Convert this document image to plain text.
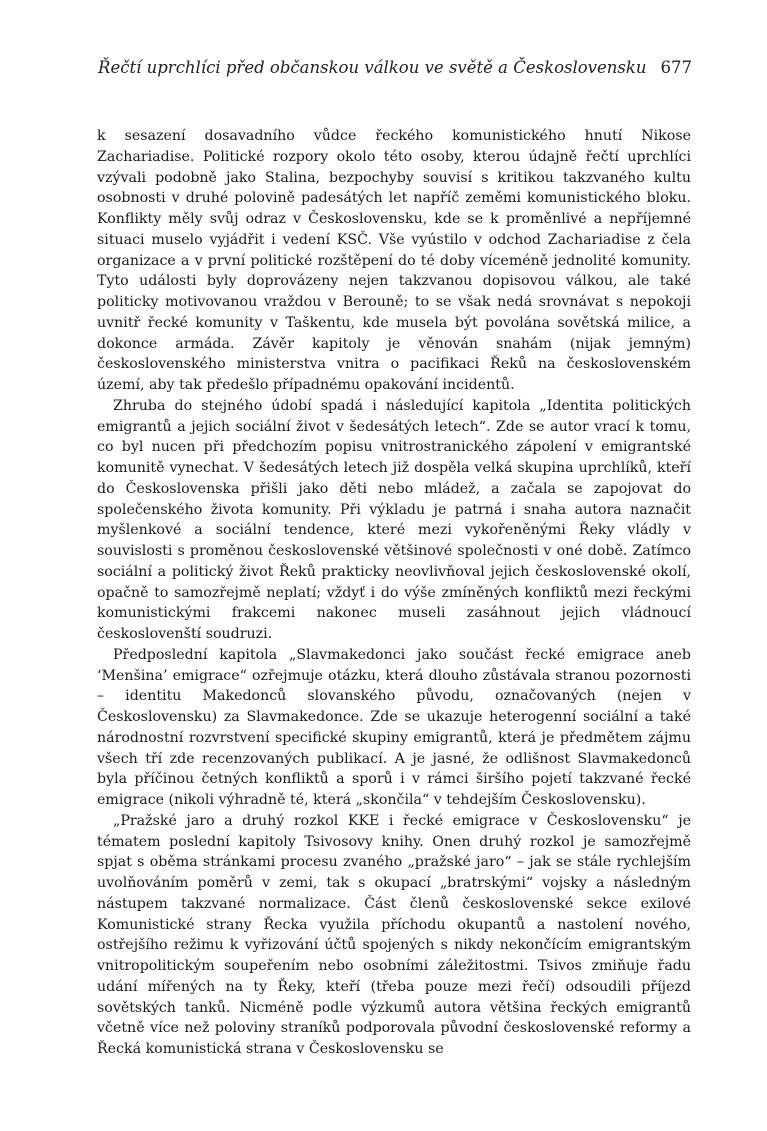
Řečtí uprchlíci před občanskou válkou ve světě a Československu 677

k sesazení dosavadního vůdce řeckého komunistického hnutí Nikose Zachariadise. Politické rozpory okolo této osoby, kterou údajně řečtí uprchlíci vzývali podobně jako Stalina, bezpochyby souvisí s kritikou takzvaného kultu osobnosti v druhé polovině padesátých let napříč zeměmi komunistického bloku. Konflikty měly svůj odraz v Československu, kde se k proměnlivé a nepříjemné situaci muselo vyjádřit i vedení KSČ. Vše vyústilo v odchod Zachariadise z čela organizace a v první politické rozštěpení do té doby víceméně jednolité komunity. Tyto události byly doprovázeny nejen takzvanou dopisovou válkou, ale také politicky motivovanou vraždou v Berouně; to se však nedá srovnávat s nepokoji uvnitř řecké komunity v Taškentu, kde musela být povolána sovětská milice, a dokonce armáda. Závěr kapitoly je věnován snahám (nijak jemným) československého ministerstva vnitra o pacifikaci Řeků na československém území, aby tak předešlo případnému opakování incidentů.

Zhruba do stejného údobí spadá i následující kapitola „Identita politických emigrantů a jejich sociální život v šedesátých letech“. Zde se autor vrací k tomu, co byl nucen při předchozím popisu vnitrostranického zápolení v emigrantské komunitě vynechat. V šedesátých letech již dospěla velká skupina uprchlíků, kteří do Československa přišli jako děti nebo mládež, a začala se zapojovat do společenského života komunity. Při výkladu je patrná i snaha autora naznačit myšlenkové a sociální tendence, které mezi vykořeněnými Řeky vládly v souvislosti s proměnou československé většinové společnosti v oné době. Zatímco sociální a politický život Řeků prakticky neovlivňoval jejich československé okolí, opačně to samozřejmě neplatí; vždyť i do výše zmíněných konfliktů mezi řeckými komunistickými frakcemi nakonec museli zasáhnout jejich vládnoucí českoslovenští soudruzi.

Předposlední kapitola „Slavmakedonci jako součást řecké emigrace aneb ‘Menšina’ emigrace“ ozřejmuje otázku, která dlouho zůstávala stranou pozornosti – identitu Makedonců slovanského původu, označovaných (nejen v Československu) za Slavmakedonce. Zde se ukazuje heterogenní sociální a také národnostní rozvrstvení specifické skupiny emigrantů, která je předmětem zájmu všech tří zde recenzovaných publikací. A je jasné, že odlišnost Slavmakedonců byla příčinou četných konfliktů a sporů i v rámci širšího pojetí takzvané řecké emigrace (nikoli výhradně té, která „skončila“ v tehdejším Československu).

„Pražské jaro a druhý rozkol KKE i řecké emigrace v Československu“ je tématem poslední kapitoly Tsivosovy knihy. Onen druhý rozkol je samozřejmě spjat s oběma stránkami procesu zvaného „pražské jaro“ – jak se stále rychlejším uvolňováním poměrů v zemi, tak s okupací „bratrskými“ vojsky a následným nástupem takzvané normalizace. Část členů československé sekce exilové Komunistické strany Řecka využila příchodu okupantů a nastolení nového, ostřejšího režimu k vyřizování účtů spojených s nikdy nekončícím emigrantským vnitropolitickým soupeřením nebo osobními záležitostmi. Tsivos zmiňuje řadu udání mířených na ty Řeky, kteří (třeba pouze mezi řečí) odsoudili příjezd sovětských tanků. Nicméně podle výzkumů autora většina řeckých emigrantů včetně více než poloviny straníků podporovala původní československé reformy a Řecká komunistická strana v Československu se
